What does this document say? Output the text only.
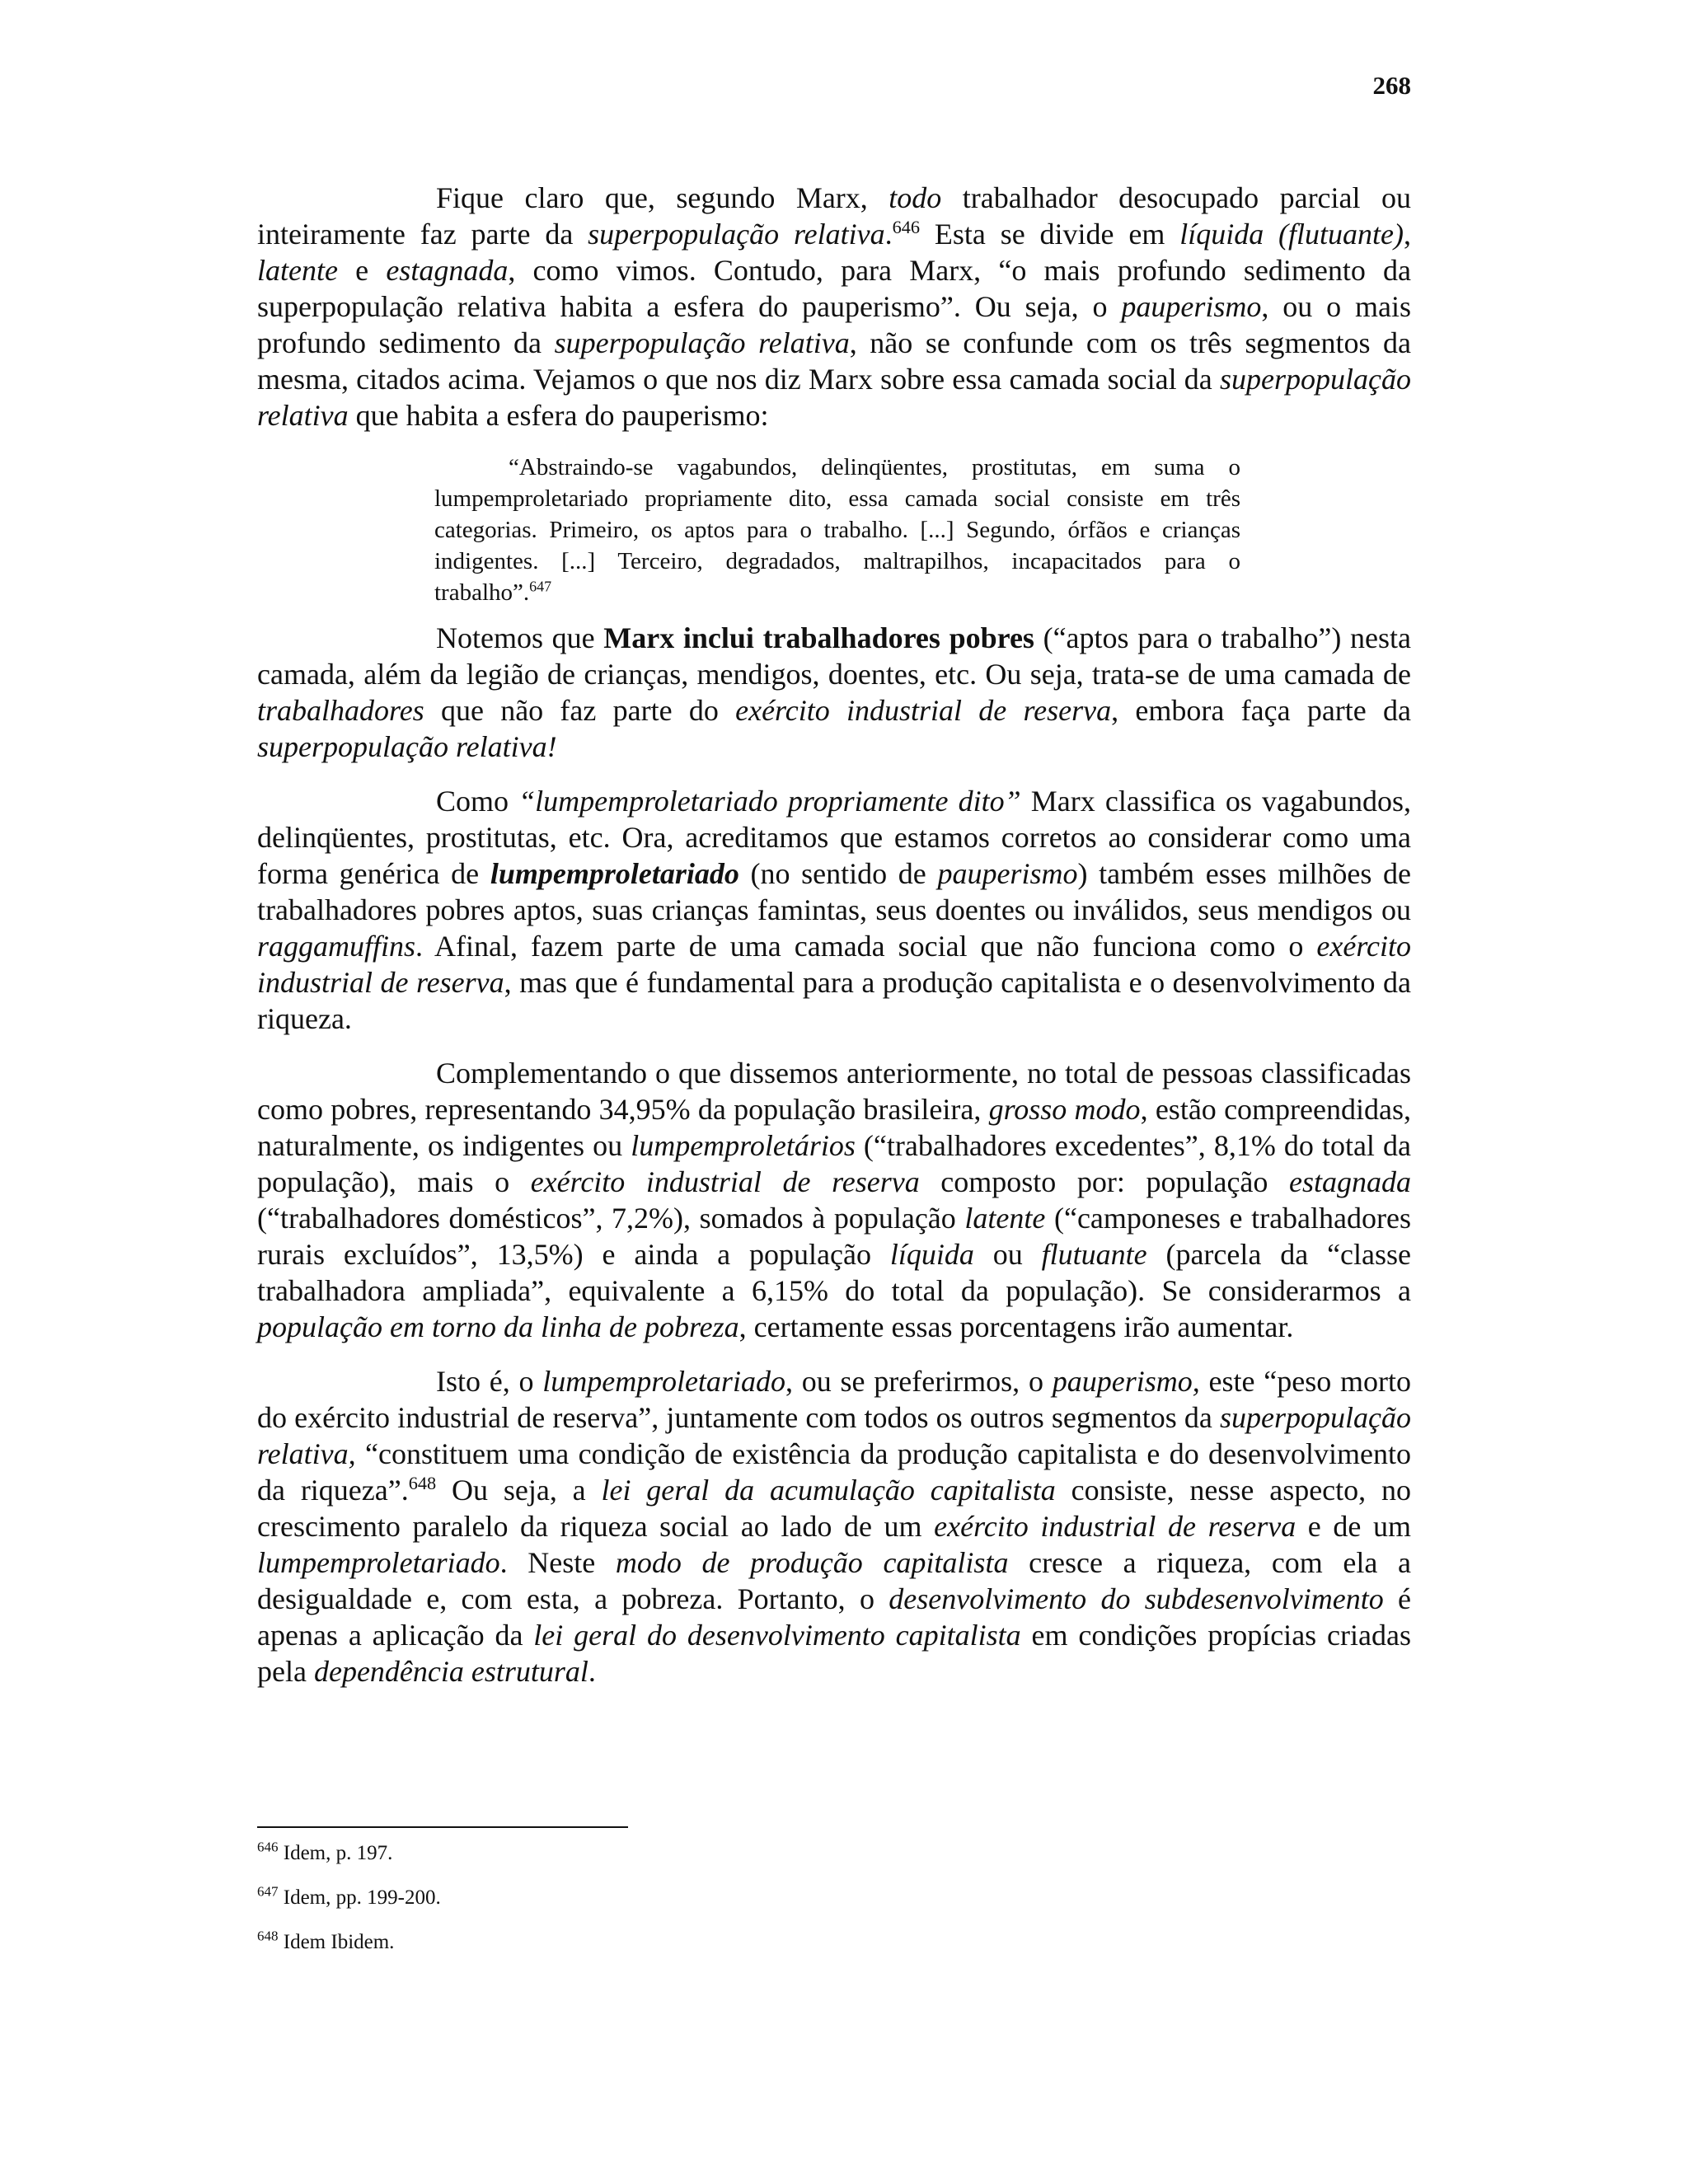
268

Fique claro que, segundo Marx, todo trabalhador desocupado parcial ou inteiramente faz parte da superpopulação relativa.$^{646}$ Esta se divide em líquida (flutuante), latente e estagnada, como vimos. Contudo, para Marx, “o mais profundo sedimento da superpopulação relativa habita a esfera do pauperismo”. Ou seja, o pauperismo, ou o mais profundo sedimento da superpopulação relativa, não se confunde com os três segmentos da mesma, citados acima. Vejamos o que nos diz Marx sobre essa camada social da superpopulação relativa que habita a esfera do pauperismo:

“Abstraindo-se vagabundos, delinqüentes, prostitutas, em suma o lumpemproletariado propriamente dito, essa camada social consiste em três categorias. Primeiro, os aptos para o trabalho. [...] Segundo, órfãos e crianças indigentes. [...] Terceiro, degradados, maltrapilhos, incapacitados para o trabalho”.$^{647}$

Notemos que Marx inclui trabalhadores pobres (“aptos para o trabalho”) nesta camada, além da legião de crianças, mendigos, doentes, etc. Ou seja, trata-se de uma camada de trabalhadores que não faz parte do exército industrial de reserva, embora faça parte da superpopulação relativa!

Como “lumpemproletariado propriamente dito” Marx classifica os vagabundos, delinqüentes, prostitutas, etc. Ora, acreditamos que estamos corretos ao considerar como uma forma genérica de lumpemproletariado (no sentido de pauperismo) também esses milhões de trabalhadores pobres aptos, suas crianças famintas, seus doentes ou inválidos, seus mendigos ou raggamuffins. Afinal, fazem parte de uma camada social que não funciona como o exército industrial de reserva, mas que é fundamental para a produção capitalista e o desenvolvimento da riqueza.

Complementando o que dissemos anteriormente, no total de pessoas classificadas como pobres, representando 34,95% da população brasileira, grosso modo, estão compreendidas, naturalmente, os indigentes ou lumpemproletários (“trabalhadores excedentes”, 8,1% do total da população), mais o exército industrial de reserva composto por: população estagnada (“trabalhadores domésticos”, 7,2%), somados à população latente (“camponeses e trabalhadores rurais excluídos”, 13,5%) e ainda a população líquida ou flutuante (parcela da “classe trabalhadora ampliada”, equivalente a 6,15% do total da população). Se considerarmos a população em torno da linha de pobreza, certamente essas porcentagens irão aumentar.

Isto é, o lumpemproletariado, ou se preferirmos, o pauperismo, este “peso morto do exército industrial de reserva”, juntamente com todos os outros segmentos da superpopulação relativa, “constituem uma condição de existência da produção capitalista e do desenvolvimento da riqueza”.$^{648}$ Ou seja, a lei geral da acumulação capitalista consiste, nesse aspecto, no crescimento paralelo da riqueza social ao lado de um exército industrial de reserva e de um lumpemproletariado. Neste modo de produção capitalista cresce a riqueza, com ela a desigualdade e, com esta, a pobreza. Portanto, o desenvolvimento do subdesenvolvimento é apenas a aplicação da lei geral do desenvolvimento capitalista em condições propícias criadas pela dependência estrutural.

$^{646}$ Idem, p. 197.
$^{647}$ Idem, pp. 199-200.
$^{648}$ Idem Ibidem.
